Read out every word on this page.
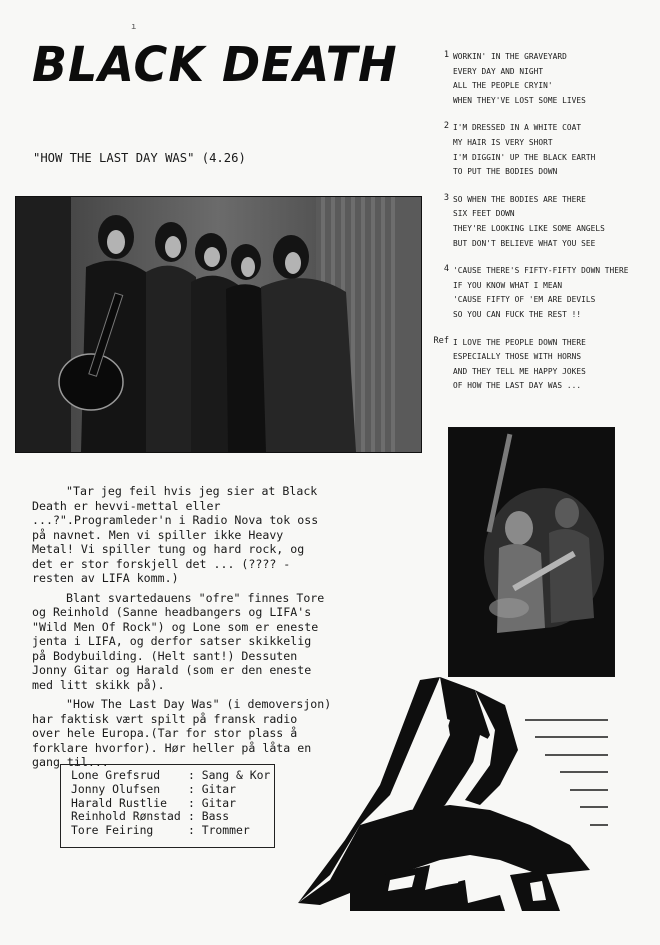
ı
BLACK DEATH

"HOW THE LAST DAY WAS" (4.26)

1 WORKIN' IN THE GRAVEYARD
EVERY DAY AND NIGHT
ALL THE PEOPLE CRYIN'
WHEN THEY'VE LOST SOME LIVES
2 I'M DRESSED IN A WHITE COAT
MY HAIR IS VERY SHORT
I'M DIGGIN' UP THE BLACK EARTH
TO PUT THE BODIES DOWN
3 SO WHEN THE BODIES ARE THERE
SIX FEET DOWN
THEY'RE LOOKING LIKE SOME ANGELS
BUT DON'T BELIEVE WHAT YOU SEE
4 'CAUSE THERE'S FIFTY-FIFTY DOWN THERE
IF YOU KNOW WHAT I MEAN
'CAUSE FIFTY OF 'EM ARE DEVILS
SO YOU CAN FUCK THE REST !!
Ref I LOVE THE PEOPLE DOWN THERE
ESPECIALLY THOSE WITH HORNS
AND THEY TELL ME HAPPY JOKES
OF HOW THE LAST DAY WAS ...

"Tar jeg feil hvis jeg sier at Black Death er hevvi-mettal eller ...?".Programleder'n i Radio Nova tok oss på navnet. Men vi spiller ikke Heavy Metal! Vi spiller tung og hard rock, og det er stor forskjell det ... (???? - resten av LIFA komm.)

Blant svartedauens "ofre" finnes Tore og Reinhold (Sanne headbangers og LIFA's "Wild Men Of Rock") og Lone som er eneste jenta i LIFA, og derfor satser skikkelig på Bodybuilding. (Helt sant!) Dessuten Jonny Gitar og Harald (som er den eneste med litt skikk på).

"How The Last Day Was" (i demoversjon) har faktisk vært spilt på fransk radio over hele Europa.(Tar for stor plass å forklare hvorfor). Hør heller på låta en gang til...

Lone Grefsrud	: Sang & Kor
Jonny Olufsen	: Gitar
Harald Rustlie	: Gitar
Reinhold Rønstad : Bass
Tore Feiring	: Trommer
